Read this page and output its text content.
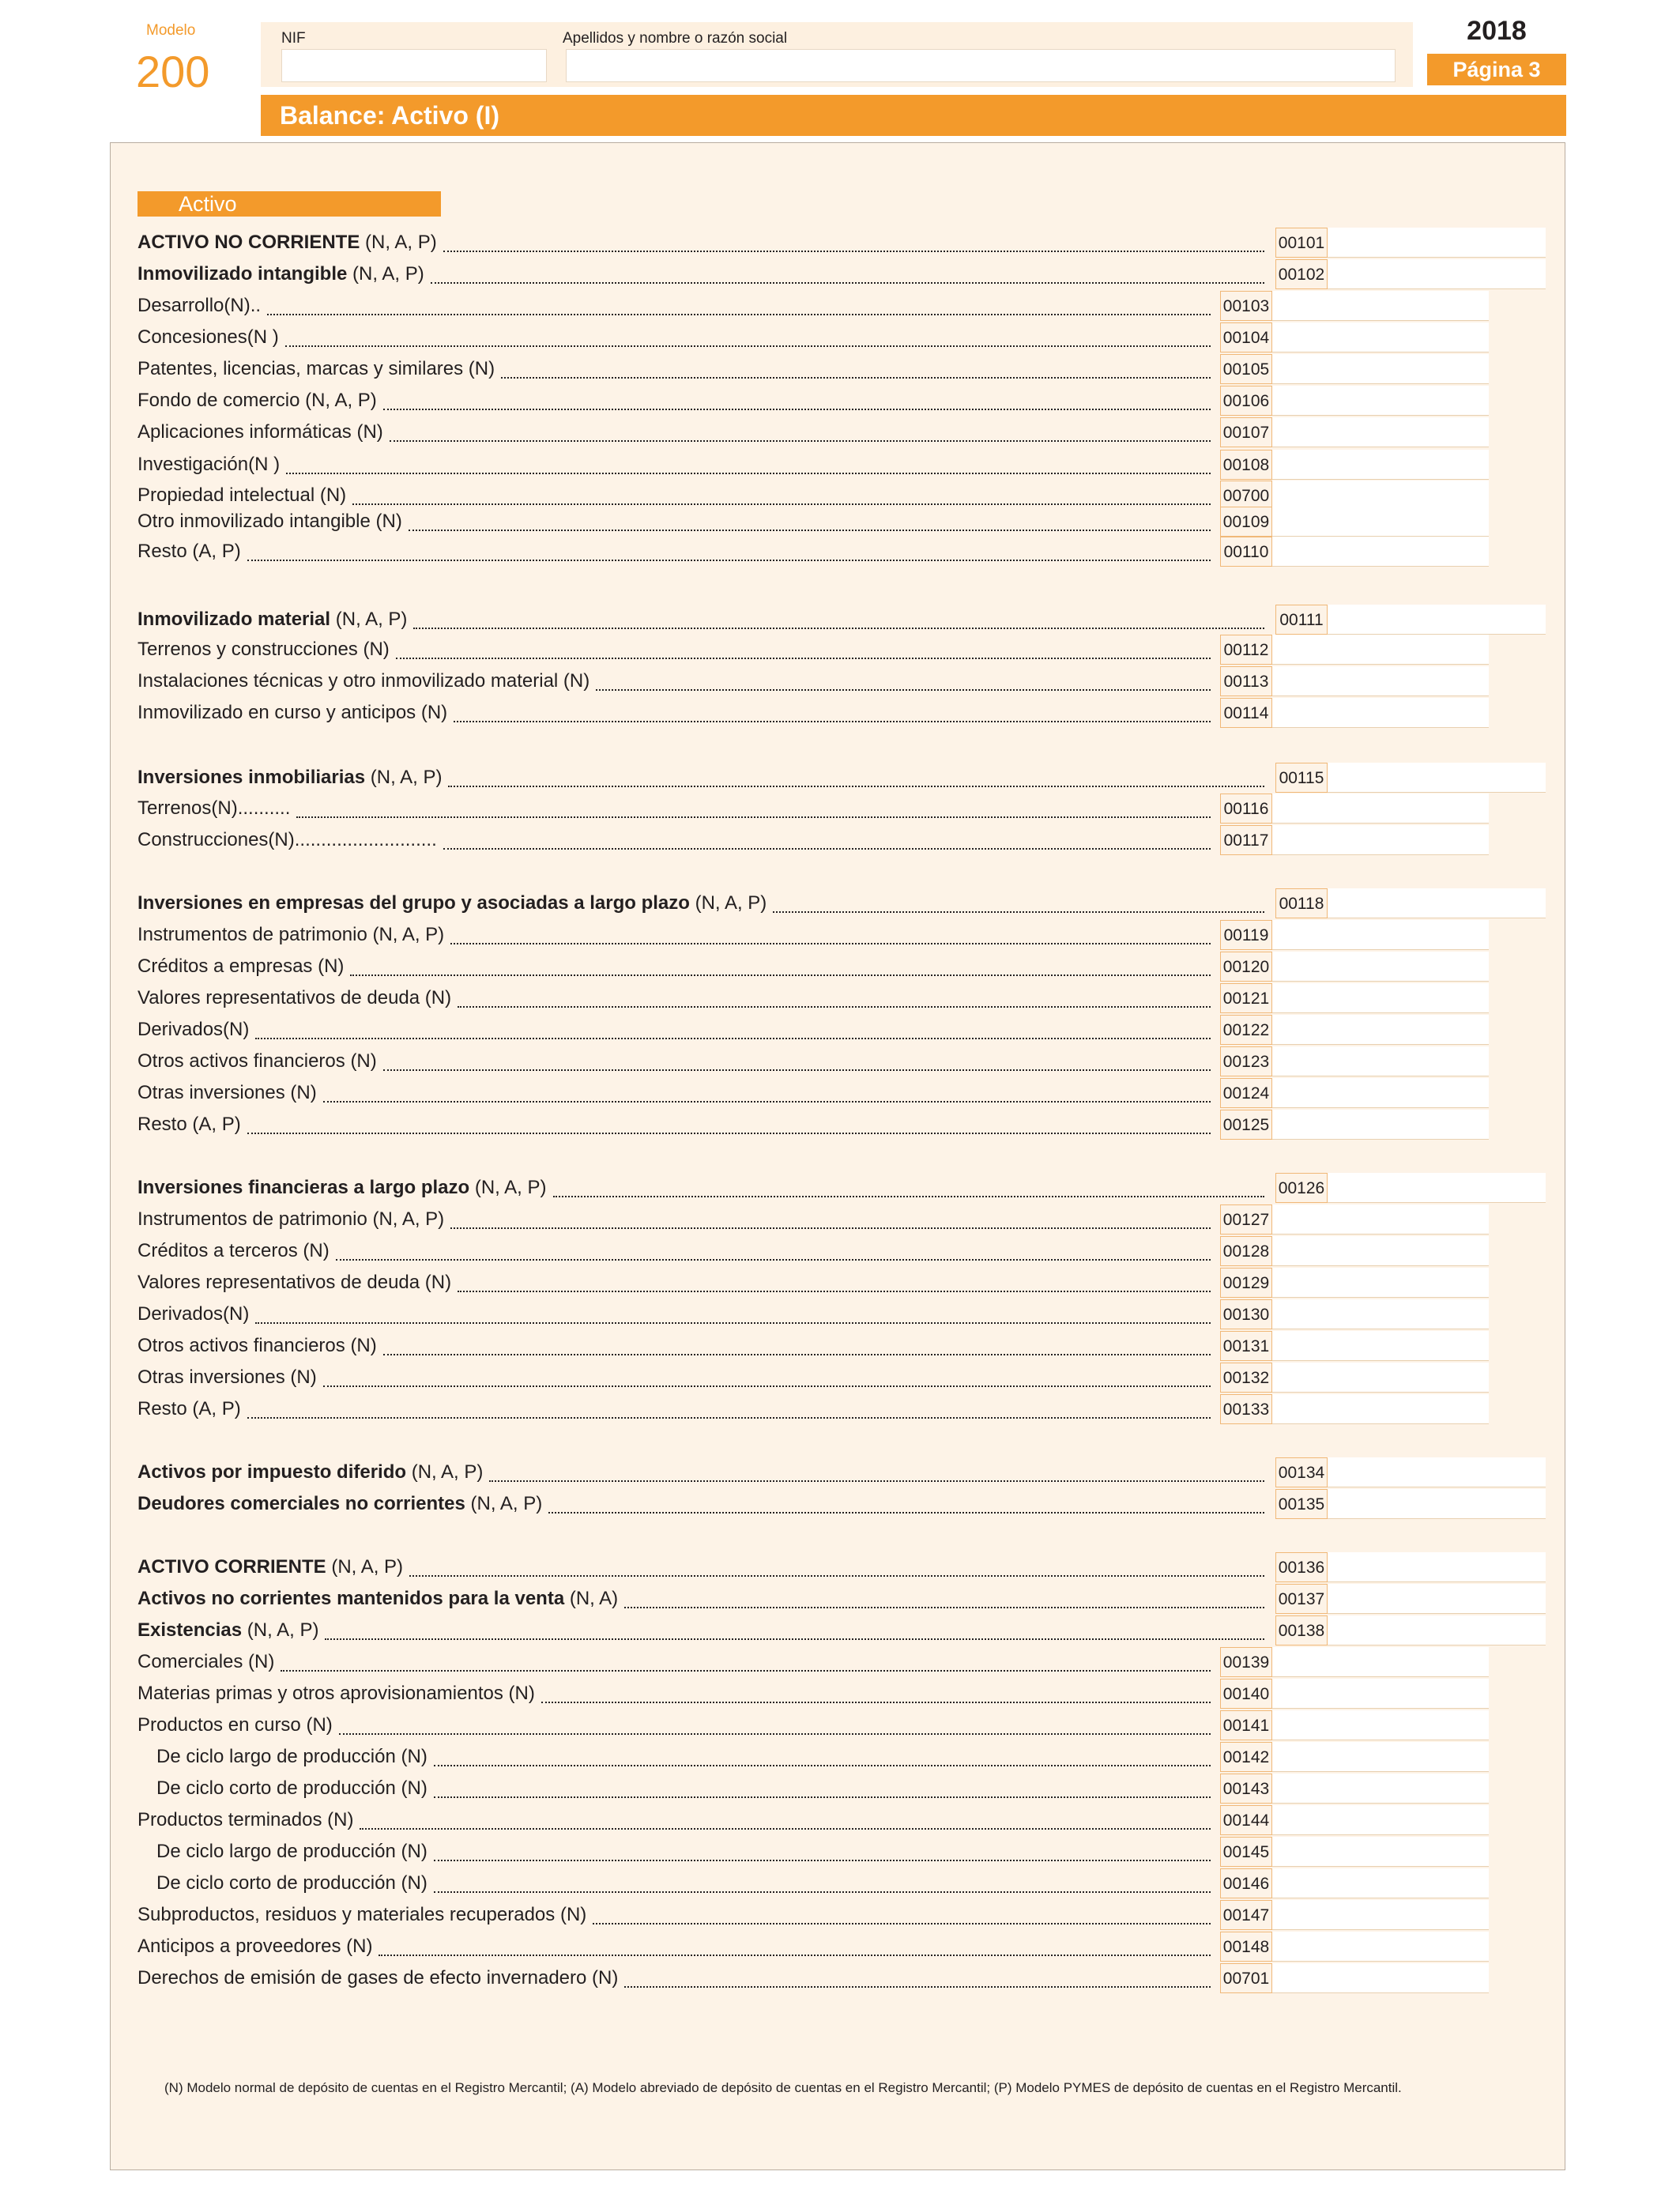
Modelo
200
NIF	Apellidos y nombre o razón social	2018
Página 3
Balance: Activo (I)
Activo
ACTIVO NO CORRIENTE (N, A, P)	00101
Inmovilizado intangible (N, A, P)	00102
Desarrollo(N)..	00103
Concesiones(N )	00104
Patentes, licencias, marcas y similares (N)	00105
Fondo de comercio (N, A, P)	00106
Aplicaciones informáticas (N)	00107
Investigación(N )	00108
Propiedad intelectual (N)	00700
Otro inmovilizado intangible (N)	00109
Resto (A, P)	00110
Inmovilizado material (N, A, P)	00111
Terrenos y construcciones (N)	00112
Instalaciones técnicas y otro inmovilizado material (N)	00113
Inmovilizado en curso y anticipos (N)	00114
Inversiones inmobiliarias (N, A, P)	00115
Terrenos(N)..........	00116
Construcciones(N)...........................	00117
Inversiones en empresas del grupo y asociadas a largo plazo (N, A, P)	00118
Instrumentos de patrimonio (N, A, P)	00119
Créditos a empresas (N)	00120
Valores representativos de deuda (N)	00121
Derivados(N)	00122
Otros activos financieros (N)	00123
Otras inversiones (N)	00124
Resto (A, P)	00125
Inversiones financieras a largo plazo (N, A, P)	00126
Instrumentos de patrimonio (N, A, P)	00127
Créditos a terceros (N)	00128
Valores representativos de deuda (N)	00129
Derivados(N)	00130
Otros activos financieros (N)	00131
Otras inversiones (N)	00132
Resto (A, P)	00133
Activos por impuesto diferido (N, A, P)	00134
Deudores comerciales no corrientes (N, A, P)	00135
ACTIVO CORRIENTE (N, A, P)	00136
Activos no corrientes mantenidos para la venta (N, A)	00137
Existencias (N, A, P)	00138
Comerciales (N)	00139
Materias primas y otros aprovisionamientos (N)	00140
Productos en curso (N)	00141
De ciclo largo de producción (N)	00142
De ciclo corto de producción (N)	00143
Productos terminados (N)	00144
De ciclo largo de producción (N)	00145
De ciclo corto de producción (N)	00146
Subproductos, residuos y materiales recuperados (N)	00147
Anticipos a proveedores (N)	00148
Derechos de emisión de gases de efecto invernadero (N)	00701
(N) Modelo normal de depósito de cuentas en el Registro Mercantil; (A) Modelo abreviado de depósito de cuentas en el Registro Mercantil; (P) Modelo PYMES de depósito de cuentas en el Registro Mercantil.
